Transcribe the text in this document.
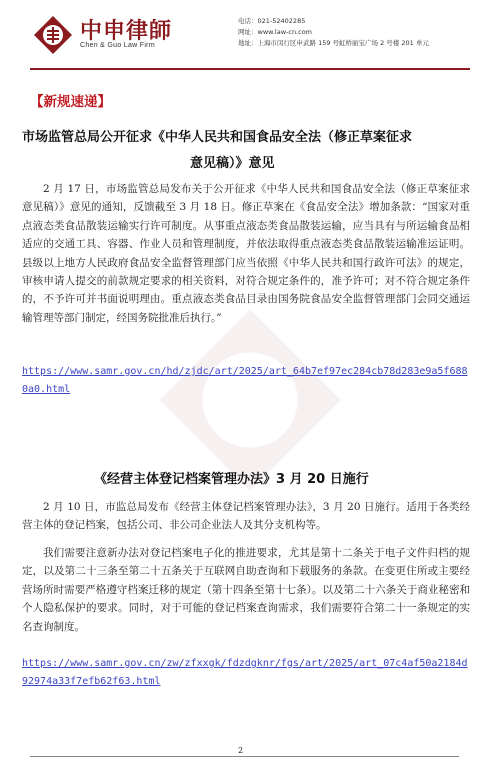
中申律師
Chen & Guo Law Firm
电话：021-52402285
网址：www.law-cn.com
地址：上海市闵行区申武路 159 号虹桥丽宝广场 2 号楼 201 单元
【新规速递】
市场监管总局公开征求《中华人民共和国食品安全法（修正草案征求
意见稿）》意见
2 月 17 日，市场监管总局发布关于公开征求《中华人民共和国食品安全法（修正草案征求意见稿）》意见的通知，反馈截至 3 月 18 日。修正草案在《食品安全法》增加条款：“国家对重点液态类食品散装运输实行许可制度。从事重点液态类食品散装运输，应当具有与所运输食品相适应的交通工具、容器、作业人员和管理制度，并依法取得重点液态类食品散装运输准运证明。县级以上地方人民政府食品安全监督管理部门应当依照《中华人民共和国行政许可法》的规定，审核申请人提交的前款规定要求的相关资料，对符合规定条件的，准予许可；对不符合规定条件的，不予许可并书面说明理由。重点液态类食品目录由国务院食品安全监督管理部门会同交通运输管理等部门制定，经国务院批准后执行。”
https://www.samr.gov.cn/hd/zjdc/art/2025/art_64b7ef97ec284cb78d283e9a5f6880a0.html
《经营主体登记档案管理办法》3 月 20 日施行
2 月 10 日，市监总局发布《经营主体登记档案管理办法》，3 月 20 日施行。适用于各类经营主体的登记档案，包括公司、非公司企业法人及其分支机构等。
我们需要注意新办法对登记档案电子化的推进要求，尤其是第十二条关于电子文件归档的规定，以及第二十三条至第二十五条关于互联网自助查询和下载服务的条款。在变更住所或主要经营场所时需要严格遵守档案迁移的规定（第十四条至第十七条）。以及第二十六条关于商业秘密和个人隐私保护的要求。同时，对于可能的登记档案查询需求，我们需要符合第二十一条规定的实名查询制度。
https://www.samr.gov.cn/zw/zfxxgk/fdzdgknr/fgs/art/2025/art_07c4af50a2184d92974a33f7efb62f63.html
2
